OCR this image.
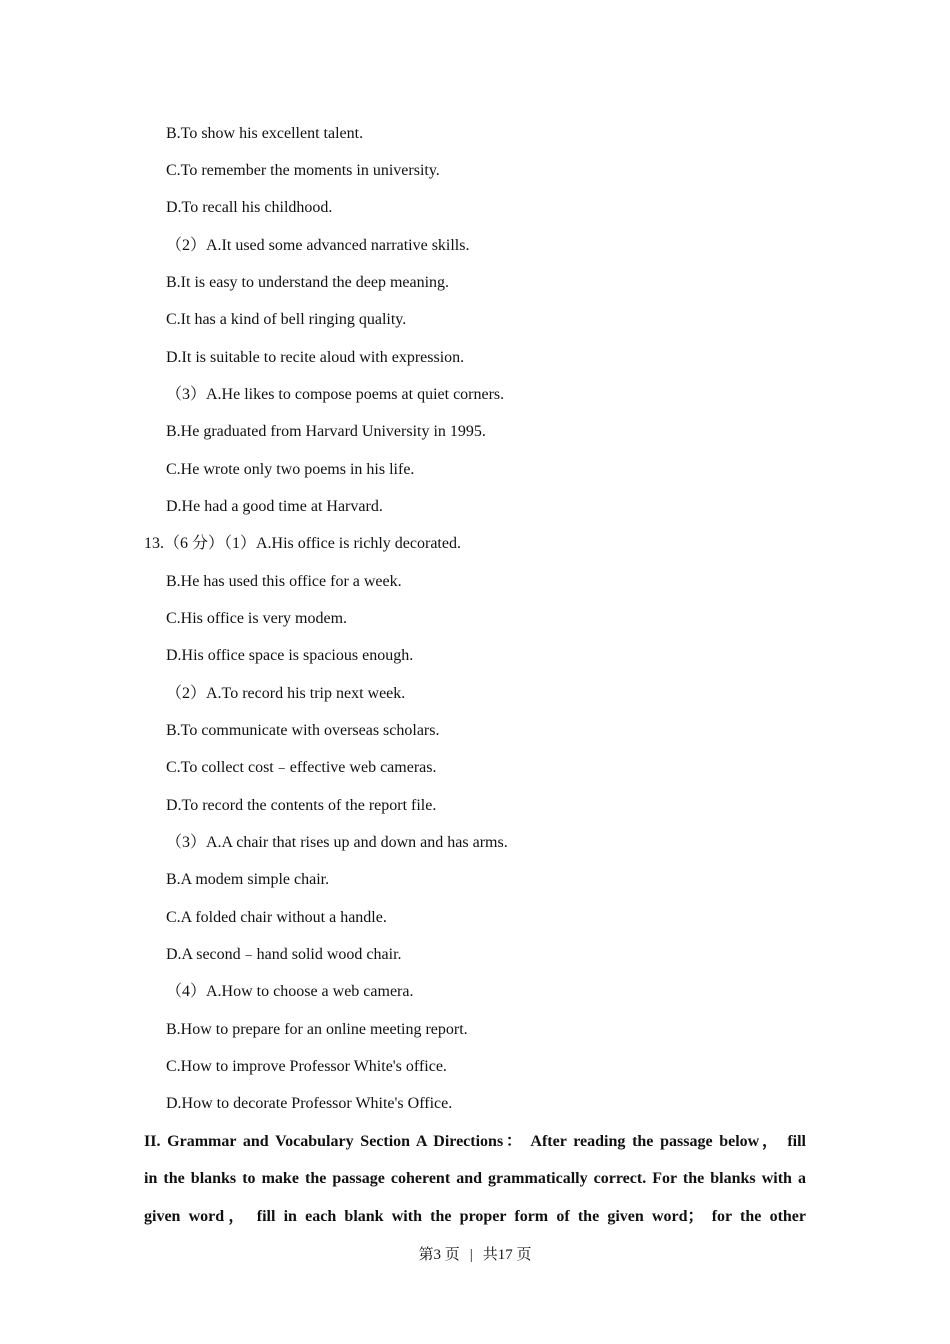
B.To show his excellent talent.
C.To remember the moments in university.
D.To recall his childhood.
（2）A.It used some advanced narrative skills.
B.It is easy to understand the deep meaning.
C.It has a kind of bell ringing quality.
D.It is suitable to recite aloud with expression.
（3）A.He likes to compose poems at quiet corners.
B.He graduated from Harvard University in 1995.
C.He wrote only two poems in his life.
D.He had a good time at Harvard.
13.（6 分）（1）A.His office is richly decorated.
B.He has used this office for a week.
C.His office is very modem.
D.His office space is spacious enough.
（2）A.To record his trip next week.
B.To communicate with overseas scholars.
C.To collect cost﹣effective web cameras.
D.To record the contents of the report file.
（3）A.A chair that rises up and down and has arms.
B.A modem simple chair.
C.A folded chair without a handle.
D.A second﹣hand solid wood chair.
（4）A.How to choose a web camera.
B.How to prepare for an online meeting report.
C.How to improve Professor White's office.
D.How to decorate Professor White's Office.
II. Grammar and Vocabulary Section A Directions： After reading the passage below， fill
in the blanks to make the passage coherent and grammatically correct. For the blanks with a
given word， fill in each blank with the proper form of the given word； for the other
第3 页 | 共17 页
